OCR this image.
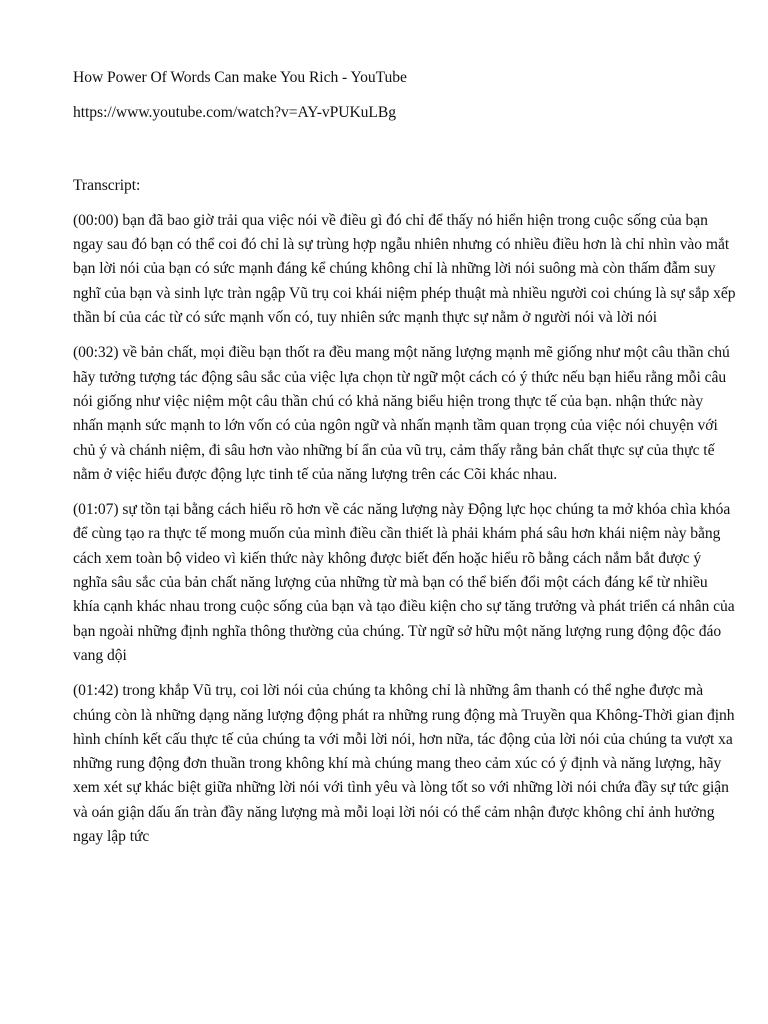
How Power Of Words Can make You Rich - YouTube
https://www.youtube.com/watch?v=AY-vPUKuLBg
Transcript:
(00:00) bạn đã bao giờ trải qua việc nói về điều gì đó chỉ để thấy nó hiển hiện trong cuộc sống của bạn ngay sau đó bạn có thể coi đó chỉ là sự trùng hợp ngẫu nhiên nhưng có nhiều điều hơn là chỉ nhìn vào mắt bạn lời nói của bạn có sức mạnh đáng kể chúng không chỉ là những lời nói suông mà còn thấm đẫm suy nghĩ của bạn và sinh lực tràn ngập Vũ trụ coi khái niệm phép thuật mà nhiều người coi chúng là sự sắp xếp thần bí của các từ có sức mạnh vốn có, tuy nhiên sức mạnh thực sự nằm ở người nói và lời nói
(00:32) về bản chất, mọi điều bạn thốt ra đều mang một năng lượng mạnh mẽ giống như một câu thần chú hãy tưởng tượng tác động sâu sắc của việc lựa chọn từ ngữ một cách có ý thức nếu bạn hiểu rằng mỗi câu nói giống như việc niệm một câu thần chú có khả năng biểu hiện trong thực tế của bạn. nhận thức này nhấn mạnh sức mạnh to lớn vốn có của ngôn ngữ và nhấn mạnh tầm quan trọng của việc nói chuyện với chủ ý và chánh niệm, đi sâu hơn vào những bí ẩn của vũ trụ, cảm thấy rằng bản chất thực sự của thực tế nằm ở việc hiểu được động lực tinh tế của năng lượng trên các Cõi khác nhau.
(01:07) sự tồn tại bằng cách hiểu rõ hơn về các năng lượng này Động lực học chúng ta mở khóa chìa khóa để cùng tạo ra thực tế mong muốn của mình điều cần thiết là phải khám phá sâu hơn khái niệm này bằng cách xem toàn bộ video vì kiến thức này không được biết đến hoặc hiểu rõ bằng cách nắm bắt được ý nghĩa sâu sắc của bản chất năng lượng của những từ mà bạn có thể biến đổi một cách đáng kể từ nhiều khía cạnh khác nhau trong cuộc sống của bạn và tạo điều kiện cho sự tăng trưởng và phát triển cá nhân của bạn ngoài những định nghĩa thông thường của chúng. Từ ngữ sở hữu một năng lượng rung động độc đáo vang dội
(01:42) trong khắp Vũ trụ, coi lời nói của chúng ta không chỉ là những âm thanh có thể nghe được mà chúng còn là những dạng năng lượng động phát ra những rung động mà Truyền qua Không-Thời gian định hình chính kết cấu thực tế của chúng ta với mỗi lời nói, hơn nữa, tác động của lời nói của chúng ta vượt xa những rung động đơn thuần trong không khí mà chúng mang theo cảm xúc có ý định và năng lượng, hãy xem xét sự khác biệt giữa những lời nói với tình yêu và lòng tốt so với những lời nói chứa đầy sự tức giận và oán giận dấu ấn tràn đầy năng lượng mà mỗi loại lời nói có thể cảm nhận được không chỉ ảnh hưởng ngay lập tức
